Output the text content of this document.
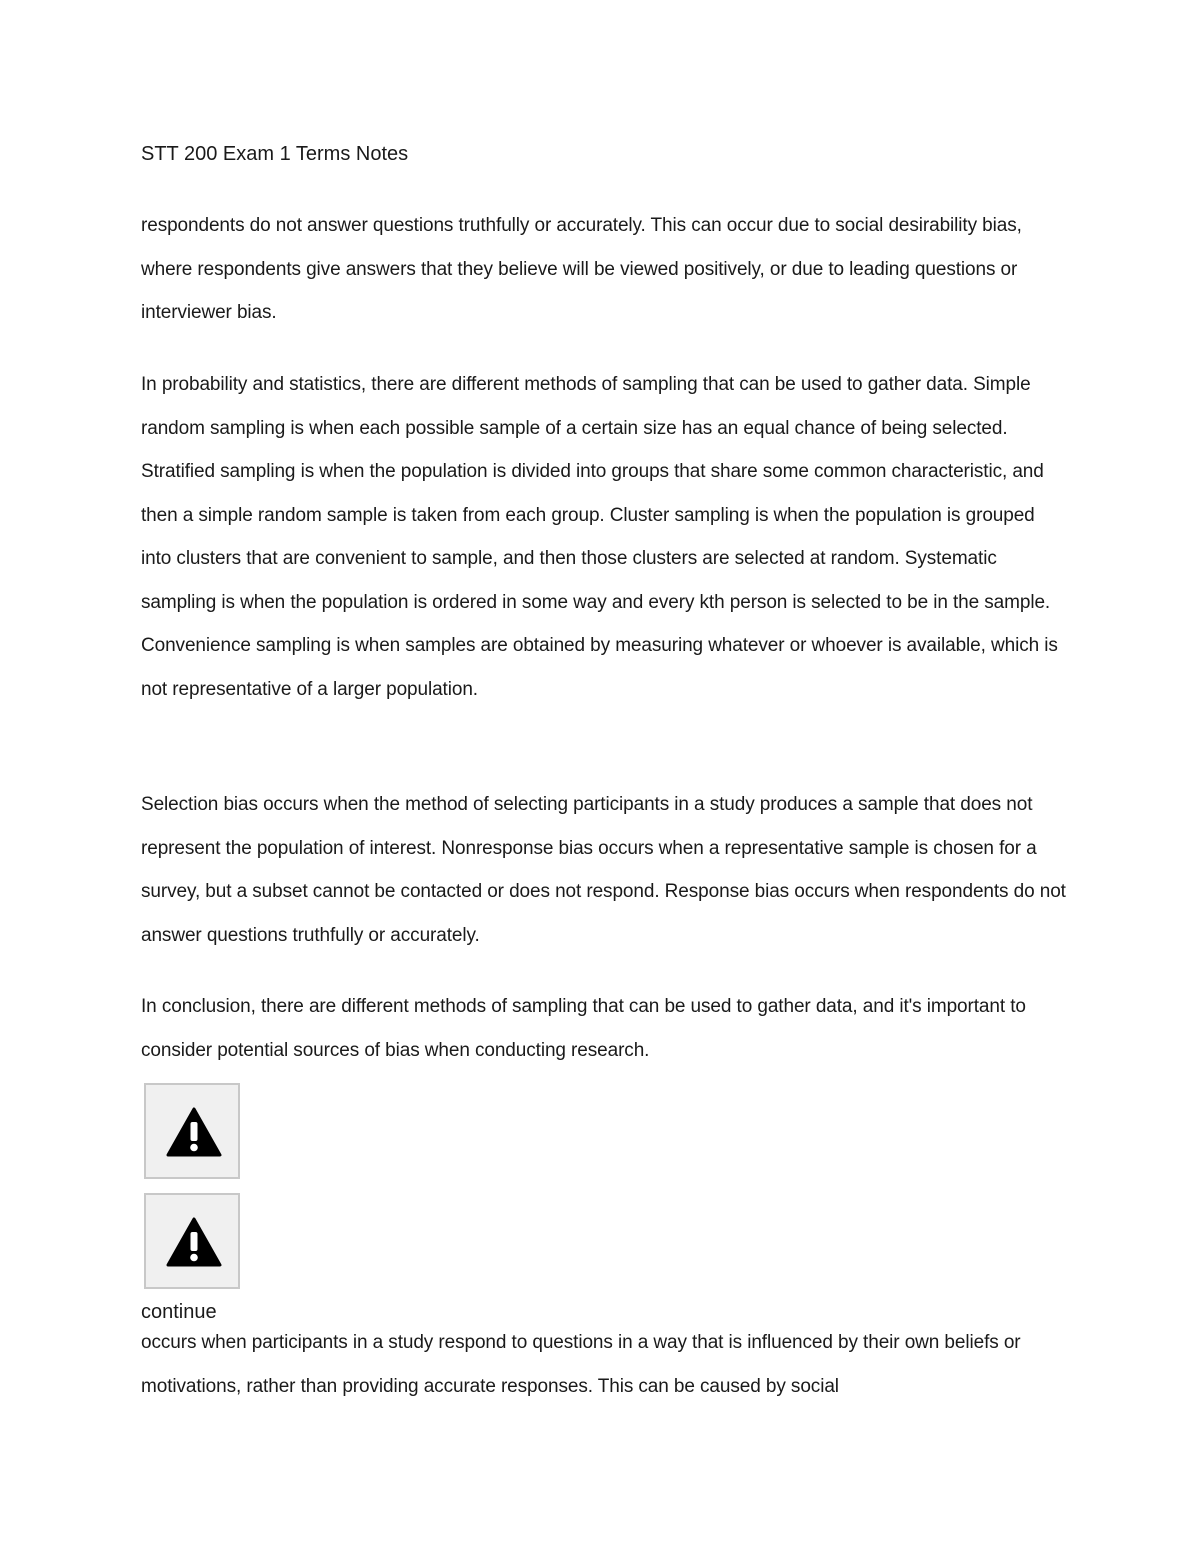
STT 200 Exam 1 Terms Notes

respondents do not answer questions truthfully or accurately. This can occur due to social desirability bias, where respondents give answers that they believe will be viewed positively, or due to leading questions or interviewer bias.

In probability and statistics, there are different methods of sampling that can be used to gather data. Simple random sampling is when each possible sample of a certain size has an equal chance of being selected. Stratified sampling is when the population is divided into groups that share some common characteristic, and then a simple random sample is taken from each group. Cluster sampling is when the population is grouped into clusters that are convenient to sample, and then those clusters are selected at random. Systematic sampling is when the population is ordered in some way and every kth person is selected to be in the sample. Convenience sampling is when samples are obtained by measuring whatever or whoever is available, which is not representative of a larger population.

Selection bias occurs when the method of selecting participants in a study produces a sample that does not represent the population of interest. Nonresponse bias occurs when a representative sample is chosen for a survey, but a subset cannot be contacted or does not respond. Response bias occurs when respondents do not answer questions truthfully or accurately.

In conclusion, there are different methods of sampling that can be used to gather data, and it's important to consider potential sources of bias when conducting research.

continue

occurs when participants in a study respond to questions in a way that is influenced by their own beliefs or motivations, rather than providing accurate responses. This can be caused by social
